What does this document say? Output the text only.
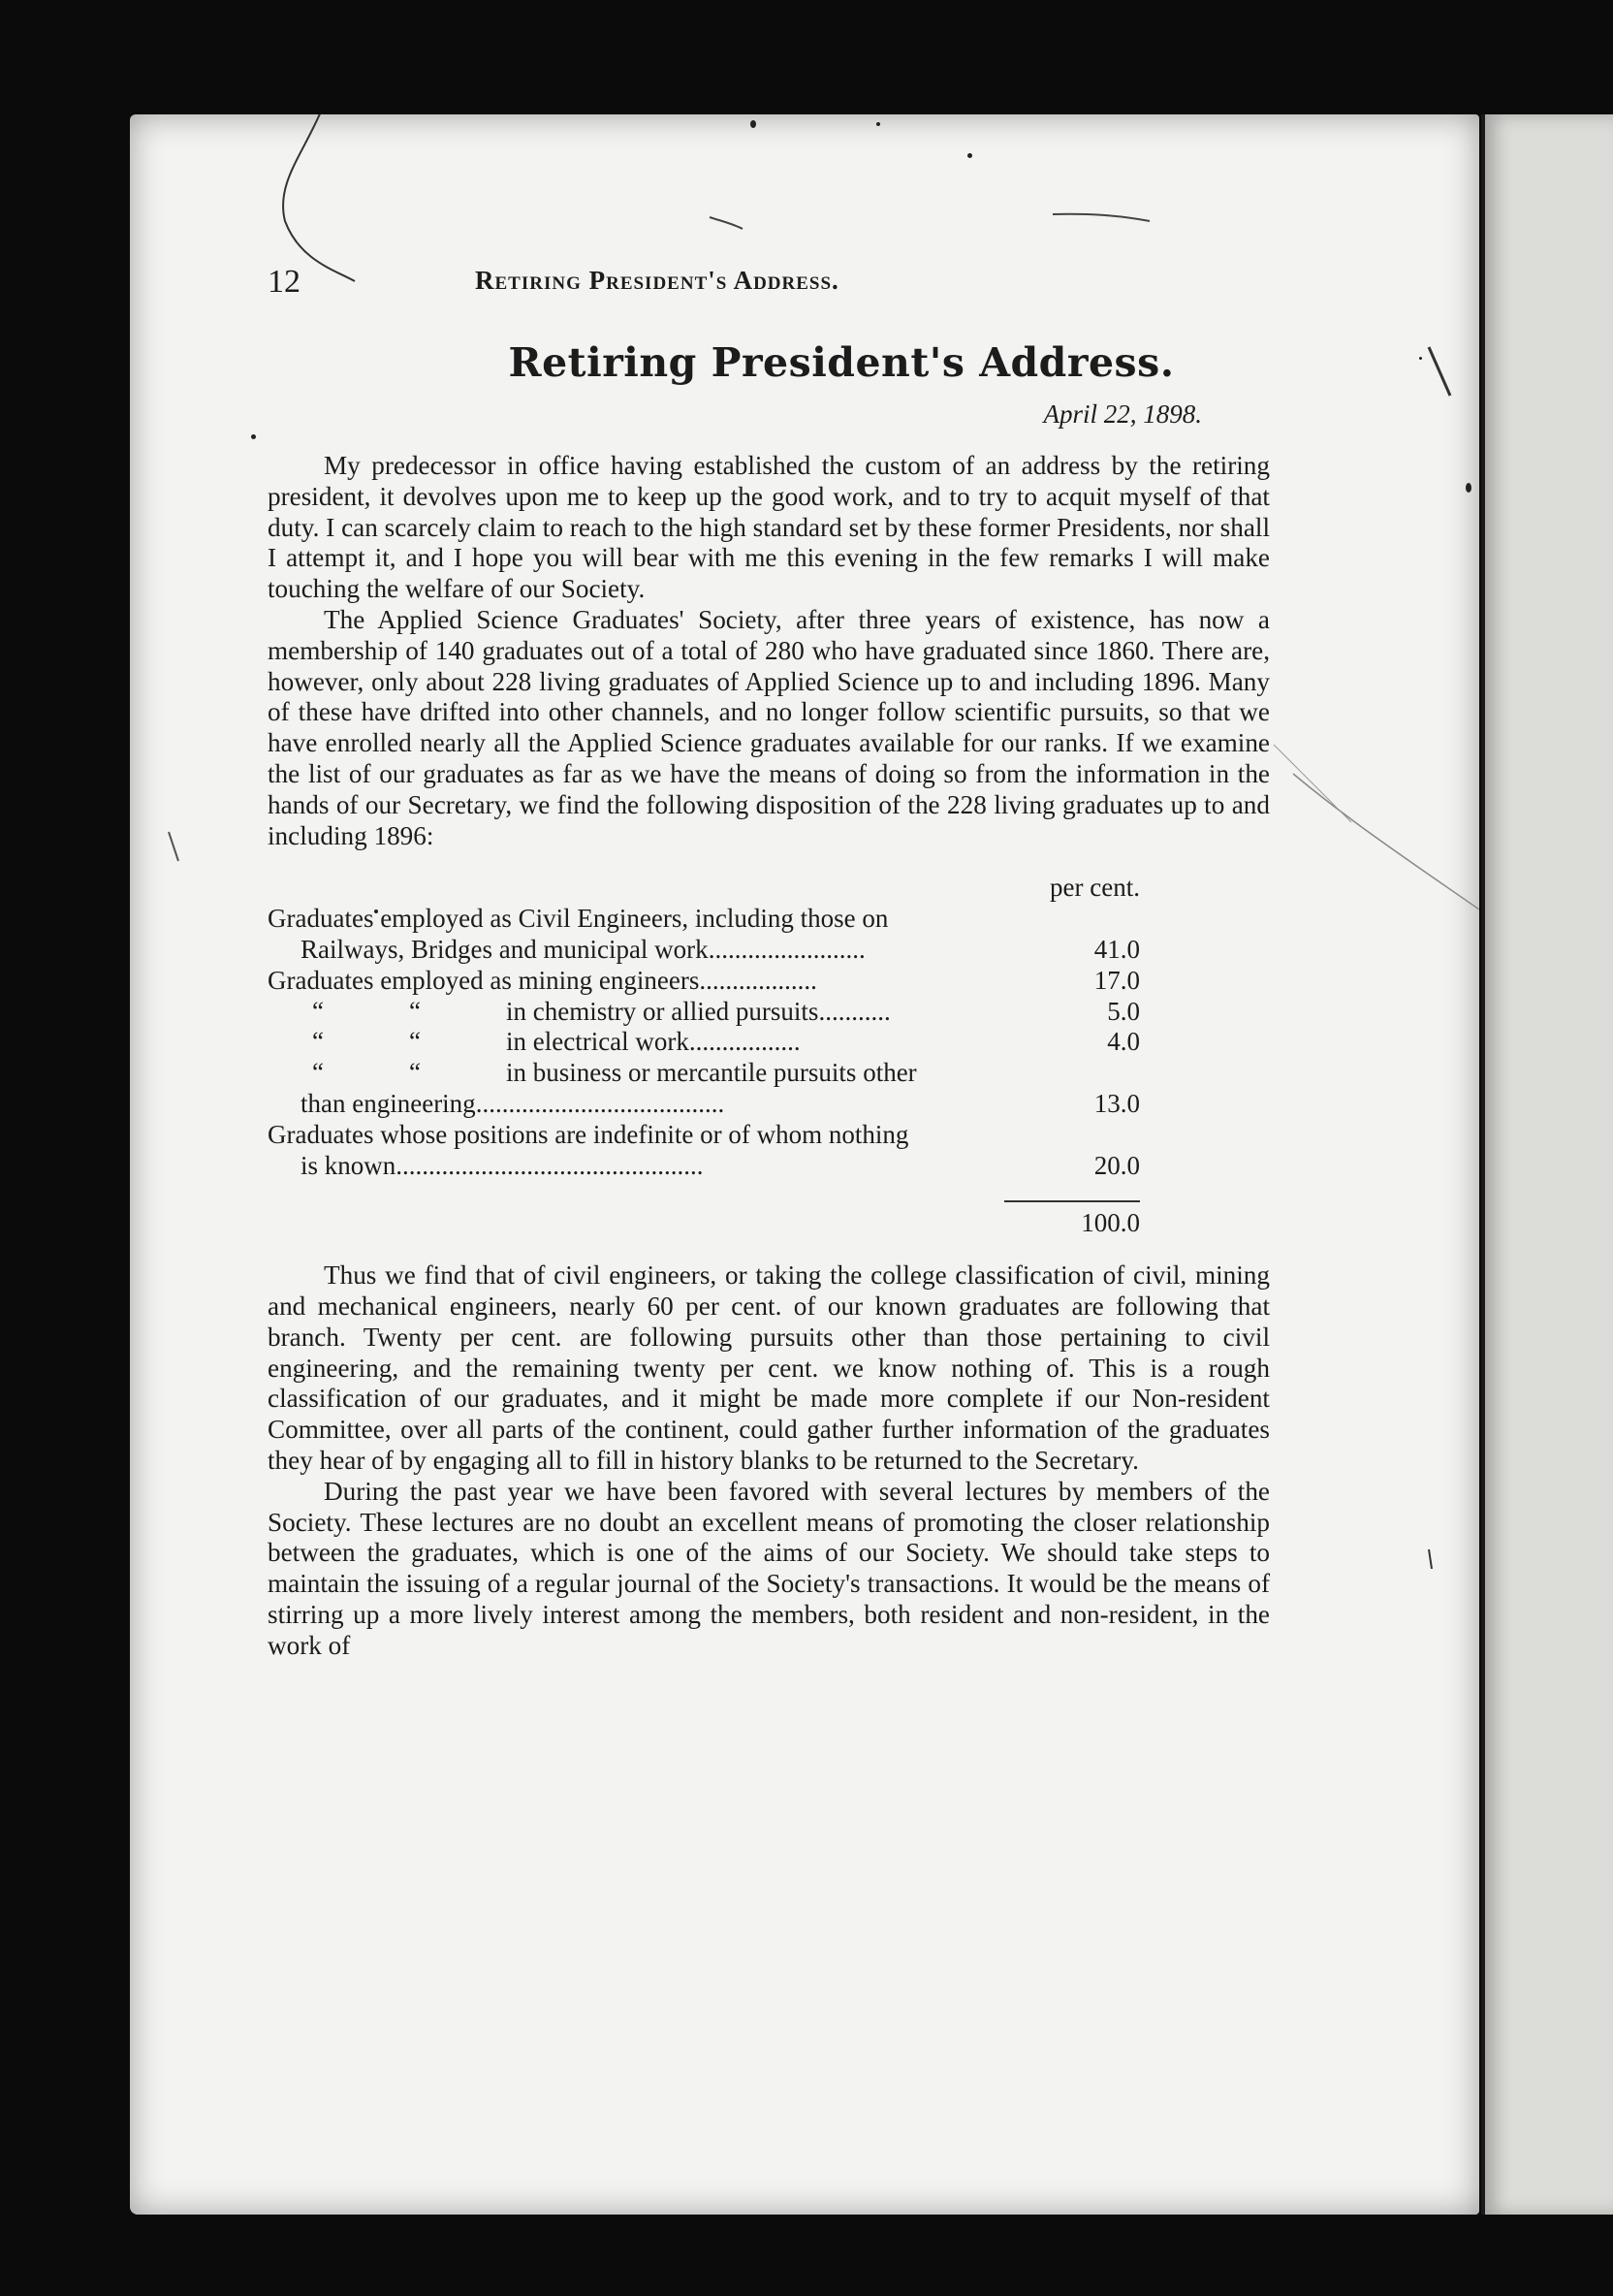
12	Retiring President's Address.
Retiring President's Address.
April 22, 1898.

My predecessor in office having established the custom of an address by the retiring president, it devolves upon me to keep up the good work, and to try to acquit myself of that duty. I can scarcely claim to reach to the high standard set by these former Presidents, nor shall I attempt it, and I hope you will bear with me this evening in the few remarks I will make touching the welfare of our Society.

The Applied Science Graduates' Society, after three years of existence, has now a membership of 140 graduates out of a total of 280 who have graduated since 1860. There are, however, only about 228 living graduates of Applied Science up to and including 1896. Many of these have drifted into other channels, and no longer follow scientific pursuits, so that we have enrolled nearly all the Applied Science graduates available for our ranks. If we examine the list of our graduates as far as we have the means of doing so from the information in the hands of our Secretary, we find the following disposition of the 228 living graduates up to and including 1896:

per cent.
Graduates employed as Civil Engineers, including those on
Railways, Bridges and municipal work........................	41.0
Graduates employed as mining engineers..................	17.0
“	“	in chemistry or allied pursuits...........	5.0
“	“	in electrical work.................	4.0
“	“	in business or mercantile pursuits other
than engineering......................................	13.0
Graduates whose positions are indefinite or of whom nothing
is known...............................................	20.0
100.0

Thus we find that of civil engineers, or taking the college classification of civil, mining and mechanical engineers, nearly 60 per cent. of our known graduates are following that branch. Twenty per cent. are following pursuits other than those pertaining to civil engineering, and the remaining twenty per cent. we know nothing of. This is a rough classification of our graduates, and it might be made more complete if our Non-resident Committee, over all parts of the continent, could gather further information of the graduates they hear of by engaging all to fill in history blanks to be returned to the Secretary.

During the past year we have been favored with several lectures by members of the Society. These lectures are no doubt an excellent means of promoting the closer relationship between the graduates, which is one of the aims of our Society. We should take steps to maintain the issuing of a regular journal of the Society's transactions. It would be the means of stirring up a more lively interest among the members, both resident and non-resident, in the work of
